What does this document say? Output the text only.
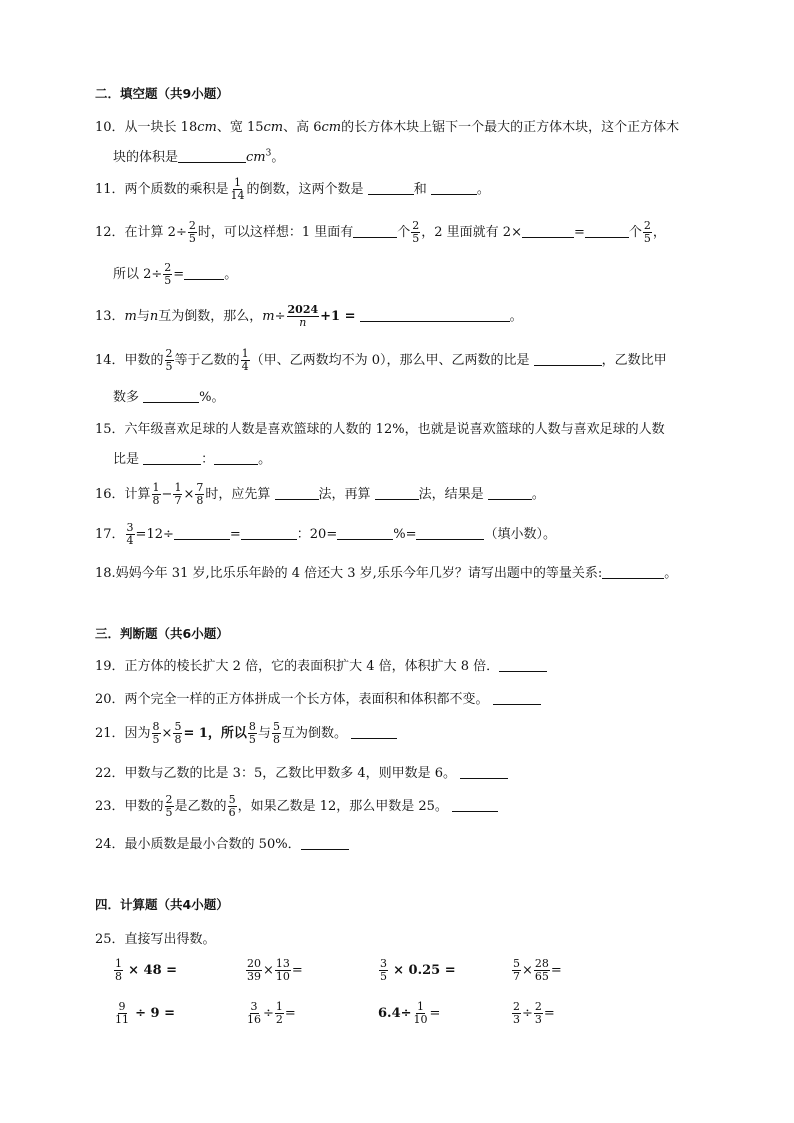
二．填空题（共9小题）
10．从一块长 18cm、宽 15cm、高 6cm的长方体木块上锯下一个最大的正方体木块，这个正方体木
块的体积是	$cm^3$。
11．两个质数的乘积是 $\frac{1}{14}$ 的倒数，这两个数是	和	。
12．在计算 $2\div \frac{2}{5}$ 时，可以这样想：1 里面有	个 $\frac{2}{5}$ ，2 里面就有 2×	=	个 $\frac{2}{5}$ ，
所以 $2\div \frac{2}{5}$ =	。
13．m与n互为倒数，那么，$m\div \frac{2024}{n} +1$ =	。
14．甲数的 $\frac{2}{5}$ 等于乙数的 $\frac{1}{4}$ （甲、乙两数均不为 0），那么甲、乙两数的比是	，乙数比甲
数多	%。
15．六年级喜欢足球的人数是喜欢篮球的人数的 12%，也就是说喜欢篮球的人数与喜欢足球的人数
比是	：	。
16．计算 $\frac{1}{8} - \frac{1}{7} \times \frac{7}{8}$ 时，应先算	法，再算	法，结果是	。
17． $\frac{3}{4} =12\div$	=	：20=	%=	（填小数）。
18.妈妈今年 31 岁,比乐乐年龄的 4 倍还大 3 岁,乐乐今年几岁？请写出题中的等量关系:	。
三．判断题（共6小题）
19．正方体的棱长扩大 2 倍，它的表面积扩大 4 倍，体积扩大 8 倍．
20．两个完全一样的正方体拼成一个长方体，表面积和体积都不变。
21．因为 $\frac{8}{5} \times \frac{5}{8} = 1$，所以 $\frac{8}{5}$ 与 $\frac{5}{8}$ 互为倒数。
22．甲数与乙数的比是 3：5，乙数比甲数多 4，则甲数是 6。
23．甲数的 $\frac{2}{5}$ 是乙数的 $\frac{5}{6}$ ，如果乙数是 12，那么甲数是 25。
24．最小质数是最小合数的 50%．
四．计算题（共4小题）
25．直接写出得数。
$\frac{1}{8} \times 48$ =	$\frac{20}{39} \times \frac{13}{10}$ =	$\frac{3}{5} \times 0.25$ =	$\frac{5}{7} \times \frac{28}{65}$ =
$\frac{9}{11} \div 9$ =	$\frac{3}{16} \div \frac{1}{2}$ =	$6.4\div \frac{1}{10}$ =	$\frac{2}{3} \div \frac{2}{3}$ =
